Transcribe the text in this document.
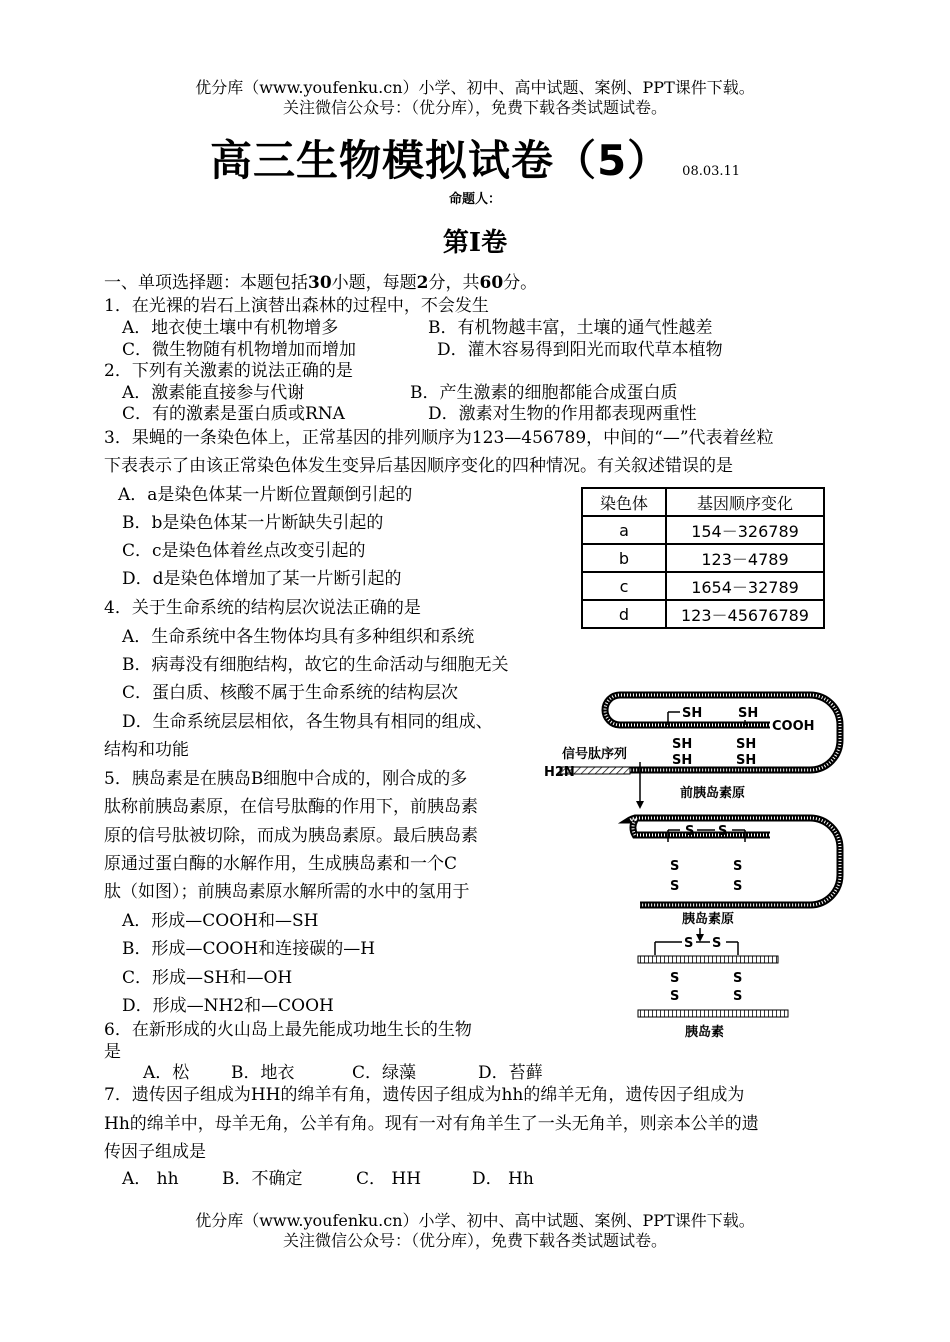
优分库（www.youfenku.cn）小学、初中、高中试题、案例、PPT课件下载。
关注微信公众号：（优分库），免费下载各类试题试卷。
高三生物模拟试卷（5） 08.03.11
命题人：
第Ⅰ卷
一、单项选择题：本题包括30小题，每题2分，共60分。
1．在光裸的岩石上演替出森林的过程中，不会发生
A．地衣使土壤中有机物增多	B．有机物越丰富，土壤的通气性越差
C．微生物随有机物增加而增加	D．灌木容易得到阳光而取代草本植物
2．下列有关激素的说法正确的是
A．激素能直接参与代谢	B．产生激素的细胞都能合成蛋白质
C．有的激素是蛋白质或RNA	D．激素对生物的作用都表现两重性
3．果蝇的一条染色体上，正常基因的排列顺序为123—456789，中间的“—”代表着丝粒
下表表示了由该正常染色体发生变异后基因顺序变化的四种情况。有关叙述错误的是
A．a是染色体某一片断位置颠倒引起的
B．b是染色体某一片断缺失引起的
C．c是染色体着丝点改变引起的
D．d是染色体增加了某一片断引起的
染色体	基因顺序变化
a	154－326789
b	123－4789
c	1654－32789
d	123－45676789
4．关于生命系统的结构层次说法正确的是
A．生命系统中各生物体均具有多种组织和系统
B．病毒没有细胞结构，故它的生命活动与细胞无关
C．蛋白质、核酸不属于生命系统的结构层次
D．生命系统层层相依，各生物具有相同的组成、
结构和功能
5．胰岛素是在胰岛B细胞中合成的，刚合成的多
肽称前胰岛素原，在信号肽酶的作用下，前胰岛素
原的信号肽被切除，而成为胰岛素原。最后胰岛素
原通过蛋白酶的水解作用，生成胰岛素和一个C
肽（如图）；前胰岛素原水解所需的水中的氢用于
A．形成—COOH和—SH
B．形成—COOH和连接碳的—H
C．形成—SH和—OH
D．形成—NH2和—COOH
6．在新形成的火山岛上最先能成功地生长的生物
是
A．松 B．地衣	C．绿藻	D．苔藓
7．遗传因子组成为HH的绵羊有角，遗传因子组成为hh的绵羊无角，遗传因子组成为
Hh的绵羊中，母羊无角，公羊有角。现有一对有角羊生了一头无角羊，则亲本公羊的遗
传因子组成是
A． hh	B．不确定	C． HH	D． Hh
SH	SH
COOH
SH	SH
SH	SH
信号肽序列
H2N
前胰岛素原
S S
S
S
S
S
胰岛素原
S S
S
S
S
S
胰岛素
优分库（www.youfenku.cn）小学、初中、高中试题、案例、PPT课件下载。
关注微信公众号：（优分库），免费下载各类试题试卷。
